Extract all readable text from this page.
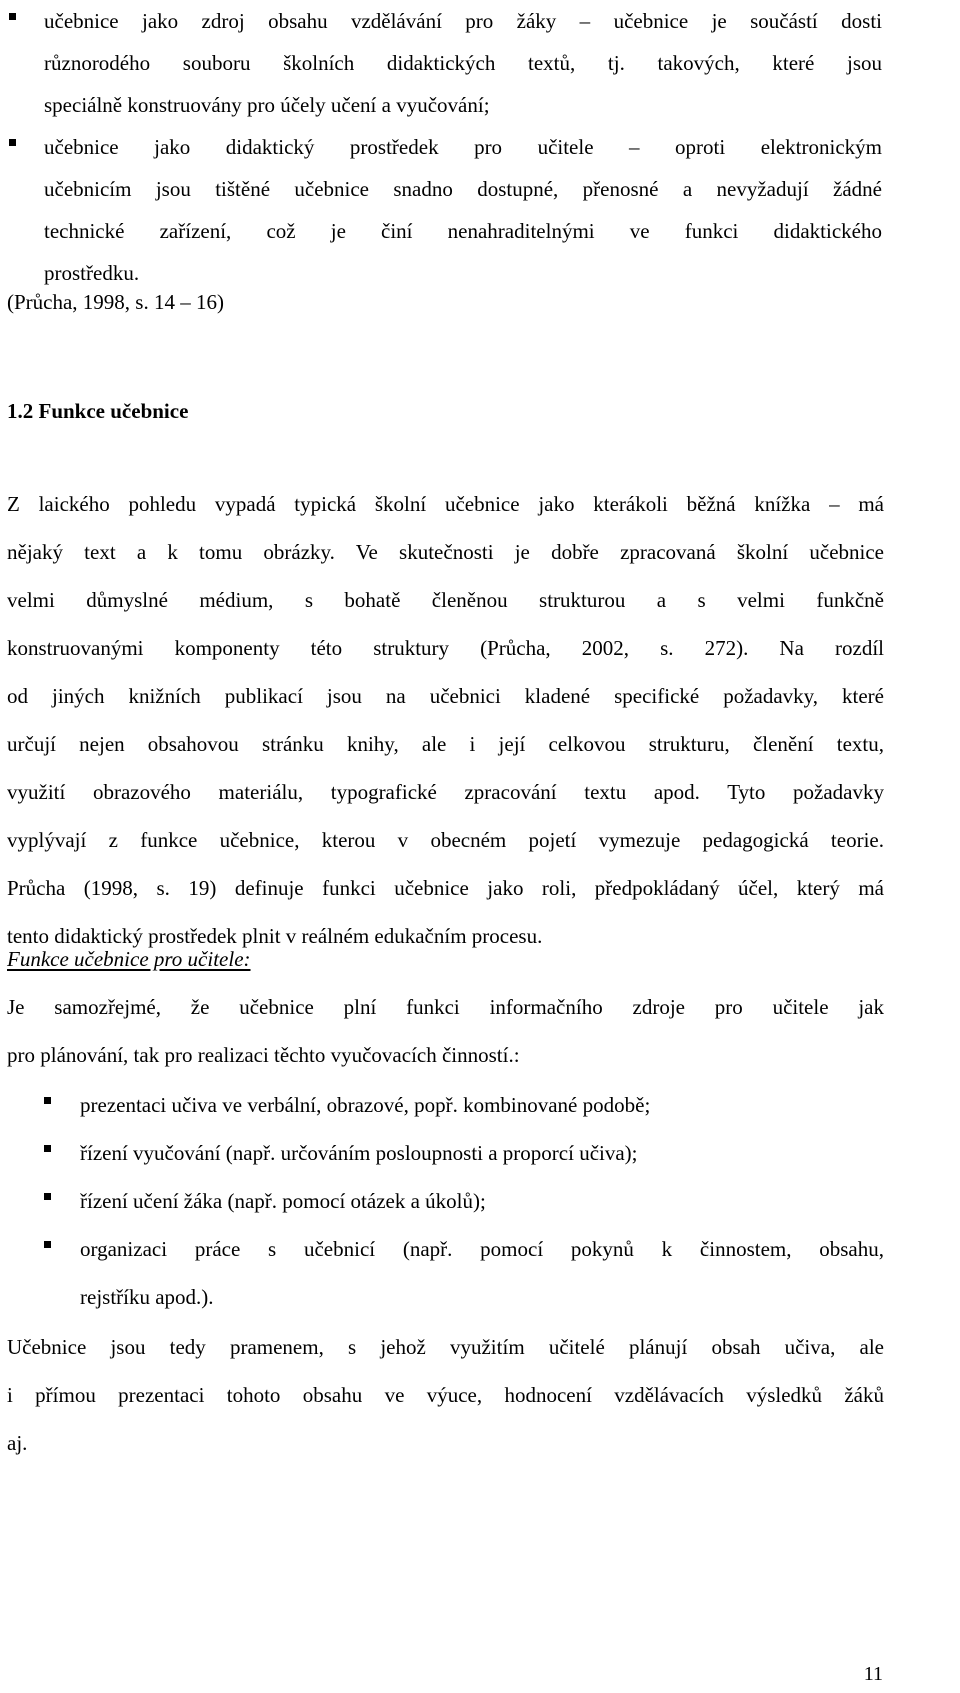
učebnice jako zdroj obsahu vzdělávání pro žáky – učebnice je součástí dosti
různorodého souboru školních didaktických textů, tj. takových, které jsou
speciálně konstruovány pro účely učení a vyučování;
učebnice jako didaktický prostředek pro učitele – oproti elektronickým
učebnicím jsou tištěné učebnice snadno dostupné, přenosné a nevyžadují žádné
technické zařízení, což je činí nenahraditelnými ve funkci didaktického
prostředku.
(Průcha, 1998, s. 14 – 16)
1.2 Funkce učebnice
Z laického pohledu vypadá typická školní učebnice jako kterákoli běžná knížka – má
nějaký text a k tomu obrázky. Ve skutečnosti je dobře zpracovaná školní učebnice
velmi důmyslné médium, s bohatě členěnou strukturou a s velmi funkčně
konstruovanými komponenty této struktury (Průcha, 2002, s. 272). Na rozdíl
od jiných knižních publikací jsou na učebnici kladené specifické požadavky, které
určují nejen obsahovou stránku knihy, ale i její celkovou strukturu, členění textu,
využití obrazového materiálu, typografické zpracování textu apod. Tyto požadavky
vyplývají z funkce učebnice, kterou v obecném pojetí vymezuje pedagogická teorie.
Průcha (1998, s. 19) definuje funkci učebnice jako roli, předpokládaný účel, který má
tento didaktický prostředek plnit v reálném edukačním procesu.
Funkce učebnice pro učitele:
Je samozřejmé, že učebnice plní funkci informačního zdroje pro učitele jak
pro plánování, tak pro realizaci těchto vyučovacích činností.:
prezentaci učiva ve verbální, obrazové, popř. kombinované podobě;
řízení vyučování (např. určováním posloupnosti a proporcí učiva);
řízení učení žáka (např. pomocí otázek a úkolů);
organizaci práce s učebnicí (např. pomocí pokynů k činnostem, obsahu,
rejstříku apod.).
Učebnice jsou tedy pramenem, s jehož využitím učitelé plánují obsah učiva, ale
i přímou prezentaci tohoto obsahu ve výuce, hodnocení vzdělávacích výsledků žáků
aj.
11
